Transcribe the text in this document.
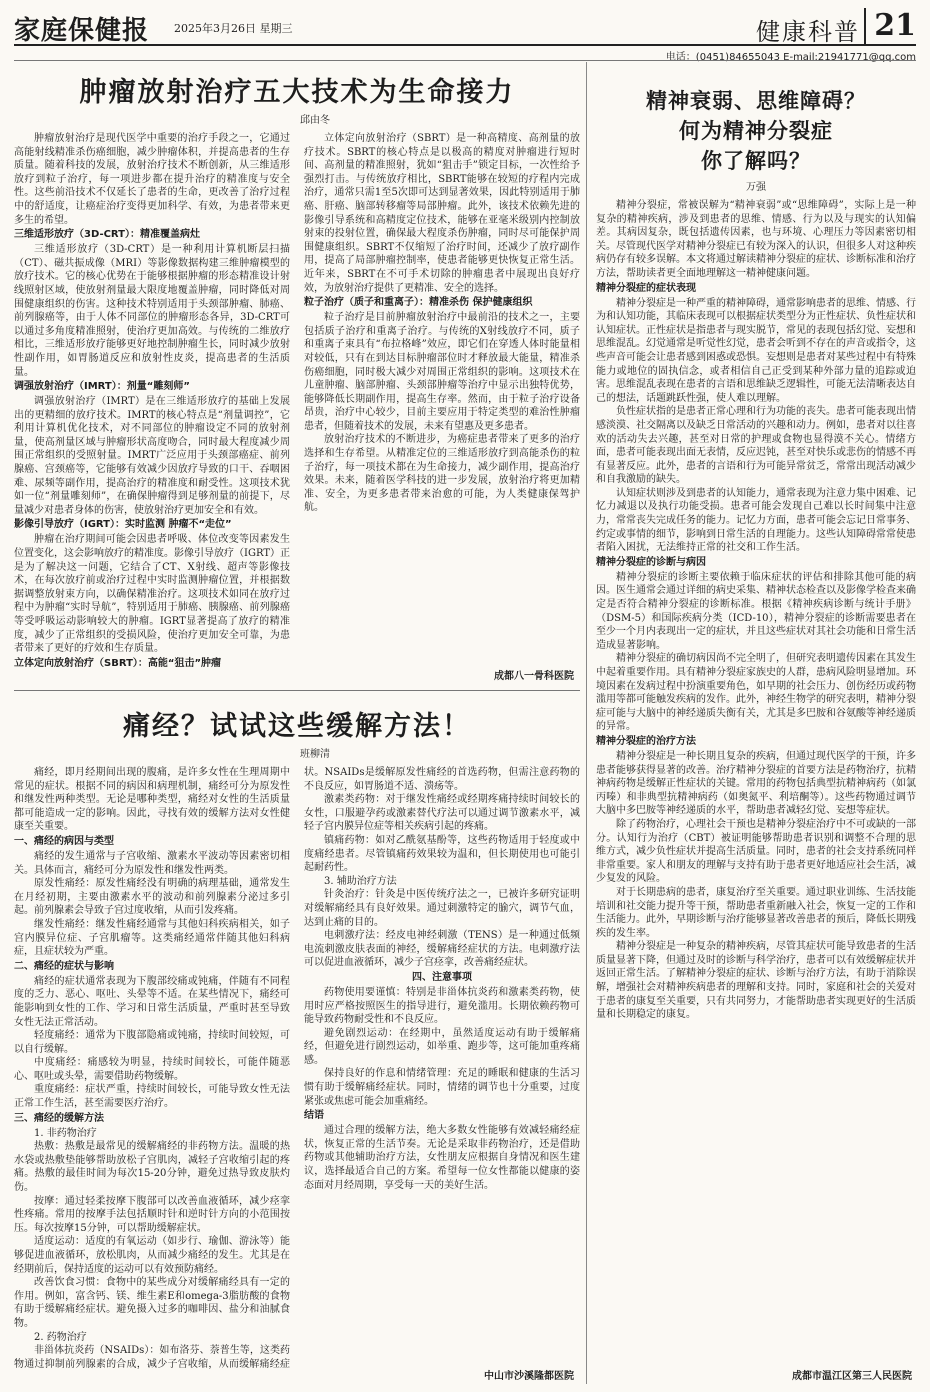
家庭保健报 2025年3月26日 星期三	健康科普 21
电话：(0451)84655043 E-mail:21941771@qq.com
肿瘤放射治疗五大技术为生命接力
邱由冬

肿瘤放射治疗是现代医学中重要的治疗手段之一，它通过高能射线精准杀伤癌细胞，减少肿瘤体积，并提高患者的生存质量。随着科技的发展，放射治疗技术不断创新，从三维适形放疗到粒子治疗，每一项进步都在提升治疗的精准度与安全性。这些前沿技术不仅延长了患者的生命，更改善了治疗过程中的舒适度，让癌症治疗变得更加科学、有效，为患者带来更多生的希望。

三维适形放疗（3D-CRT）：精准覆盖病灶

三维适形放疗（3D-CRT）是一种利用计算机断层扫描（CT）、磁共振成像（MRI）等影像数据构建三维肿瘤模型的放疗技术。它的核心优势在于能够根据肿瘤的形态精准设计射线照射区域，使放射剂量最大限度地覆盖肿瘤，同时降低对周围健康组织的伤害。这种技术特别适用于头颈部肿瘤、肺癌、前列腺癌等，由于人体不同部位的肿瘤形态各异，3D-CRT可以通过多角度精准照射，使治疗更加高效。与传统的二维放疗相比，三维适形放疗能够更好地控制肿瘤生长，同时减少放射性副作用，如胃肠道反应和放射性皮炎，提高患者的生活质量。

调强放射治疗（IMRT）：剂量“雕刻师”

调强放射治疗（IMRT）是在三维适形放疗的基础上发展出的更精细的放疗技术。IMRT的核心特点是“剂量调控”，它利用计算机优化技术，对不同部位的肿瘤设定不同的放射剂量，使高剂量区域与肿瘤形状高度吻合，同时最大程度减少周围正常组织的受照射量。IMRT广泛应用于头颈部癌症、前列腺癌、宫颈癌等，它能够有效减少因放疗导致的口干、吞咽困难、尿频等副作用，提高治疗的精准度和耐受性。这项技术犹如一位“剂量雕刻师”，在确保肿瘤得到足够剂量的前提下，尽量减少对患者身体的伤害，使放射治疗更加安全和有效。

影像引导放疗（IGRT）：实时监测 肿瘤不“走位”

肿瘤在治疗期间可能会因患者呼吸、体位改变等因素发生位置变化，这会影响放疗的精准度。影像引导放疗（IGRT）正是为了解决这一问题，它结合了CT、X射线、超声等影像技术，在每次放疗前或治疗过程中实时监测肿瘤位置，并根据数据调整放射束方向，以确保精准治疗。这项技术如同在放疗过程中为肿瘤“实时导航”，特别适用于肺癌、胰腺癌、前列腺癌等受呼吸运动影响较大的肿瘤。IGRT显著提高了放疗的精准度，减少了正常组织的受损风险，使治疗更加安全可靠，为患者带来了更好的疗效和生存质量。

立体定向放射治疗（SBRT）：高能“狙击”肿瘤

立体定向放射治疗（SBRT）是一种高精度、高剂量的放疗技术。SBRT的核心特点是以极高的精度对肿瘤进行短时间、高剂量的精准照射，犹如“狙击手”锁定目标，一次性给予强烈打击。与传统放疗相比，SBRT能够在较短的疗程内完成治疗，通常只需1至5次即可达到显著效果，因此特别适用于肺癌、肝癌、脑部转移瘤等局部肿瘤。此外，该技术依赖先进的影像引导系统和高精度定位技术，能够在亚毫米级别内控制放射束的投射位置，确保最大程度杀伤肿瘤，同时尽可能保护周围健康组织。SBRT不仅缩短了治疗时间，还减少了放疗副作用，提高了局部肿瘤控制率，使患者能够更快恢复正常生活。近年来，SBRT在不可手术切除的肿瘤患者中展现出良好疗效，为放射治疗提供了更精准、安全的选择。

粒子治疗（质子和重离子）：精准杀伤 保护健康组织

粒子治疗是目前肿瘤放射治疗中最前沿的技术之一，主要包括质子治疗和重离子治疗。与传统的X射线放疗不同，质子和重离子束具有“布拉格峰”效应，即它们在穿透人体时能量相对较低，只有在到达目标肿瘤部位时才释放最大能量，精准杀伤癌细胞，同时极大减少对周围正常组织的影响。这项技术在儿童肿瘤、脑部肿瘤、头颈部肿瘤等治疗中显示出独特优势，能够降低长期副作用，提高生存率。然而，由于粒子治疗设备昂贵，治疗中心较少，目前主要应用于特定类型的难治性肿瘤患者，但随着技术的发展，未来有望惠及更多患者。

放射治疗技术的不断进步，为癌症患者带来了更多的治疗选择和生存希望。从精准定位的三维适形放疗到高能杀伤的粒子治疗，每一项技术都在为生命接力，减少副作用，提高治疗效果。未来，随着医学科技的进一步发展，放射治疗将更加精准、安全，为更多患者带来治愈的可能，为人类健康保驾护航。

成都八一骨科医院
痛经？试试这些缓解方法！
班柳清

痛经，即月经期间出现的腹痛，是许多女性在生理周期中常见的症状。根据不同的病因和病理机制，痛经可分为原发性和继发性两种类型。无论是哪种类型，痛经对女性的生活质量都可能造成一定的影响。因此，寻找有效的缓解方法对女性健康至关重要。

一、痛经的病因与类型

痛经的发生通常与子宫收缩、激素水平波动等因素密切相关。具体而言，痛经可分为原发性和继发性两类。

原发性痛经：原发性痛经没有明确的病理基础，通常发生在月经初期，主要由激素水平的波动和前列腺素分泌过多引起。前列腺素会导致子宫过度收缩，从而引发疼痛。

继发性痛经：继发性痛经通常与其他妇科疾病相关，如子宫内膜异位症、子宫肌瘤等。这类痛经通常伴随其他妇科病症，且症状较为严重。

二、痛经的症状与影响

痛经的症状通常表现为下腹部绞痛或钝痛，伴随有不同程度的乏力、恶心、呕吐、头晕等不适。在某些情况下，痛经可能影响到女性的工作、学习和日常生活质量，严重时甚至导致女性无法正常活动。

轻度痛经：通常为下腹部隐痛或钝痛，持续时间较短，可以自行缓解。

中度痛经：痛感较为明显，持续时间较长，可能伴随恶心、呕吐或头晕，需要借助药物缓解。

重度痛经：症状严重，持续时间较长，可能导致女性无法正常工作生活，甚至需要医疗治疗。

三、痛经的缓解方法

1. 非药物治疗

热敷：热敷是最常见的缓解痛经的非药物方法。温暖的热水袋或热敷垫能够帮助放松子宫肌肉，减轻子宫收缩引起的疼痛。热敷的最佳时间为每次15-20分钟，避免过热导致皮肤灼伤。

按摩：通过轻柔按摩下腹部可以改善血液循环，减少痉挛性疼痛。常用的按摩手法包括顺时针和逆时针方向的小范围按压。每次按摩15分钟，可以帮助缓解症状。

适度运动：适度的有氧运动（如步行、瑜伽、游泳等）能够促进血液循环，放松肌肉，从而减少痛经的发生。尤其是在经期前后，保持适度的运动可以有效预防痛经。

改善饮食习惯：食物中的某些成分对缓解痛经具有一定的作用。例如，富含钙、镁、维生素E和omega-3脂肪酸的食物有助于缓解痛经症状。避免摄入过多的咖啡因、盐分和油腻食物。

2. 药物治疗

非甾体抗炎药（NSAIDs）：如布洛芬、萘普生等，这类药物通过抑制前列腺素的合成，减少子宫收缩，从而缓解痛经症状。NSAIDs是缓解原发性痛经的首选药物，但需注意药物的不良反应，如胃肠道不适、溃疡等。

激素类药物：对于继发性痛经或经期疼痛持续时间较长的女性，口服避孕药或激素替代疗法可以通过调节激素水平，减轻子宫内膜异位症等相关疾病引起的疼痛。

镇痛药物：如对乙酰氨基酚等，这些药物适用于轻度或中度痛经患者。尽管镇痛药效果较为温和，但长期使用也可能引起耐药性。

3. 辅助治疗方法

针灸治疗：针灸是中医传统疗法之一，已被许多研究证明对缓解痛经具有良好效果。通过刺激特定的腧穴，调节气血，达到止痛的目的。

电刺激疗法：经皮电神经刺激（TENS）是一种通过低频电流刺激皮肤表面的神经，缓解痛经症状的方法。电刺激疗法可以促进血液循环，减少子宫痉挛，改善痛经症状。

四、注意事项

药物使用要谨慎：特别是非甾体抗炎药和激素类药物，使用时应严格按照医生的指导进行，避免滥用。长期依赖药物可能导致药物耐受性和不良反应。

避免剧烈运动：在经期中，虽然适度运动有助于缓解痛经，但避免进行剧烈运动，如举重、跑步等，这可能加重疼痛感。

保持良好的作息和情绪管理：充足的睡眠和健康的生活习惯有助于缓解痛经症状。同时，情绪的调节也十分重要，过度紧张或焦虑可能会加重痛经。

结语

通过合理的缓解方法，绝大多数女性能够有效减轻痛经症状，恢复正常的生活节奏。无论是采取非药物治疗，还是借助药物或其他辅助治疗方法，女性朋友应根据自身情况和医生建议，选择最适合自己的方案。希望每一位女性都能以健康的姿态面对月经周期，享受每一天的美好生活。

中山市沙溪隆都医院
精神衰弱、思维障碍？
何为精神分裂症
你了解吗？
万强

精神分裂症，常被误解为“精神衰弱”或“思维障碍”，实际上是一种复杂的精神疾病，涉及到患者的思维、情感、行为以及与现实的认知偏差。其病因复杂，既包括遗传因素，也与环境、心理压力等因素密切相关。尽管现代医学对精神分裂症已有较为深入的认识，但很多人对这种疾病仍存有较多误解。本文将通过解读精神分裂症的症状、诊断标准和治疗方法，帮助读者更全面地理解这一精神健康问题。

精神分裂症的症状表现

精神分裂症是一种严重的精神障碍，通常影响患者的思维、情感、行为和认知功能，其临床表现可以根据症状类型分为正性症状、负性症状和认知症状。正性症状是指患者与现实脱节，常见的表现包括幻觉、妄想和思维混乱。幻觉通常是听觉性幻觉，患者会听到不存在的声音或指令，这些声音可能会让患者感到困惑或恐惧。妄想则是患者对某些过程中有特殊能力或地位的固执信念，或者相信自己正受到某种外部力量的追踪或迫害。思维混乱表现在患者的言语和思维缺乏逻辑性，可能无法清晰表达自己的想法，话题跳跃性强，使人难以理解。

负性症状指的是患者正常心理和行为功能的丧失。患者可能表现出情感淡漠、社交隔离以及缺乏日常活动的兴趣和动力。例如，患者对以往喜欢的活动失去兴趣，甚至对日常的护理或食物也显得漠不关心。情绪方面，患者可能表现出面无表情，反应迟钝，甚至对快乐或悲伤的情感不再有显著反应。此外，患者的言语和行为可能异常贫乏，常常出现活动减少和自我激励的缺失。

认知症状则涉及到患者的认知能力，通常表现为注意力集中困难、记忆力减退以及执行功能受损。患者可能会发现自己难以长时间集中注意力，常常丧失完成任务的能力。记忆力方面，患者可能会忘记日常事务、约定或事情的细节，影响到日常生活的自理能力。这些认知障碍常常使患者陷入困扰，无法维持正常的社交和工作生活。

精神分裂症的诊断与病因

精神分裂症的诊断主要依赖于临床症状的评估和排除其他可能的病因。医生通常会通过详细的病史采集、精神状态检查以及影像学检查来确定是否符合精神分裂症的诊断标准。根据《精神疾病诊断与统计手册》（DSM-5）和国际疾病分类（ICD-10），精神分裂症的诊断需要患者在至少一个月内表现出一定的症状，并且这些症状对其社会功能和日常生活造成显著影响。

精神分裂症的确切病因尚不完全明了，但研究表明遗传因素在其发生中起着重要作用。具有精神分裂症家族史的人群，患病风险明显增加。环境因素在发病过程中扮演重要角色，如早期的社会压力、创伤经历或药物滥用等都可能触发疾病的发作。此外，神经生物学的研究表明，精神分裂症可能与大脑中的神经递质失衡有关，尤其是多巴胺和谷氨酸等神经递质的异常。

精神分裂症的治疗方法

精神分裂症是一种长期且复杂的疾病，但通过现代医学的干预，许多患者能够获得显著的改善。治疗精神分裂症的首要方法是药物治疗，抗精神病药物是缓解正性症状的关键。常用的药物包括典型抗精神病药（如氯丙嗪）和非典型抗精神病药（如奥氮平、利培酮等）。这些药物通过调节大脑中多巴胺等神经递质的水平，帮助患者减轻幻觉、妄想等症状。

除了药物治疗，心理社会干预也是精神分裂症治疗中不可或缺的一部分。认知行为治疗（CBT）被证明能够帮助患者识别和调整不合理的思维方式，减少负性症状并提高生活质量。同时，患者的社会支持系统同样非常重要。家人和朋友的理解与支持有助于患者更好地适应社会生活，减少复发的风险。

对于长期患病的患者，康复治疗至关重要。通过职业训练、生活技能培训和社交能力提升等干预，帮助患者重新融入社会，恢复一定的工作和生活能力。此外，早期诊断与治疗能够显著改善患者的预后，降低长期残疾的发生率。

精神分裂症是一种复杂的精神疾病，尽管其症状可能导致患者的生活质量显著下降，但通过及时的诊断与科学治疗，患者可以有效缓解症状并返回正常生活。了解精神分裂症的症状、诊断与治疗方法，有助于消除误解，增强社会对精神疾病患者的理解和支持。同时，家庭和社会的关爱对于患者的康复至关重要，只有共同努力，才能帮助患者实现更好的生活质量和长期稳定的康复。

成都市温江区第三人民医院
